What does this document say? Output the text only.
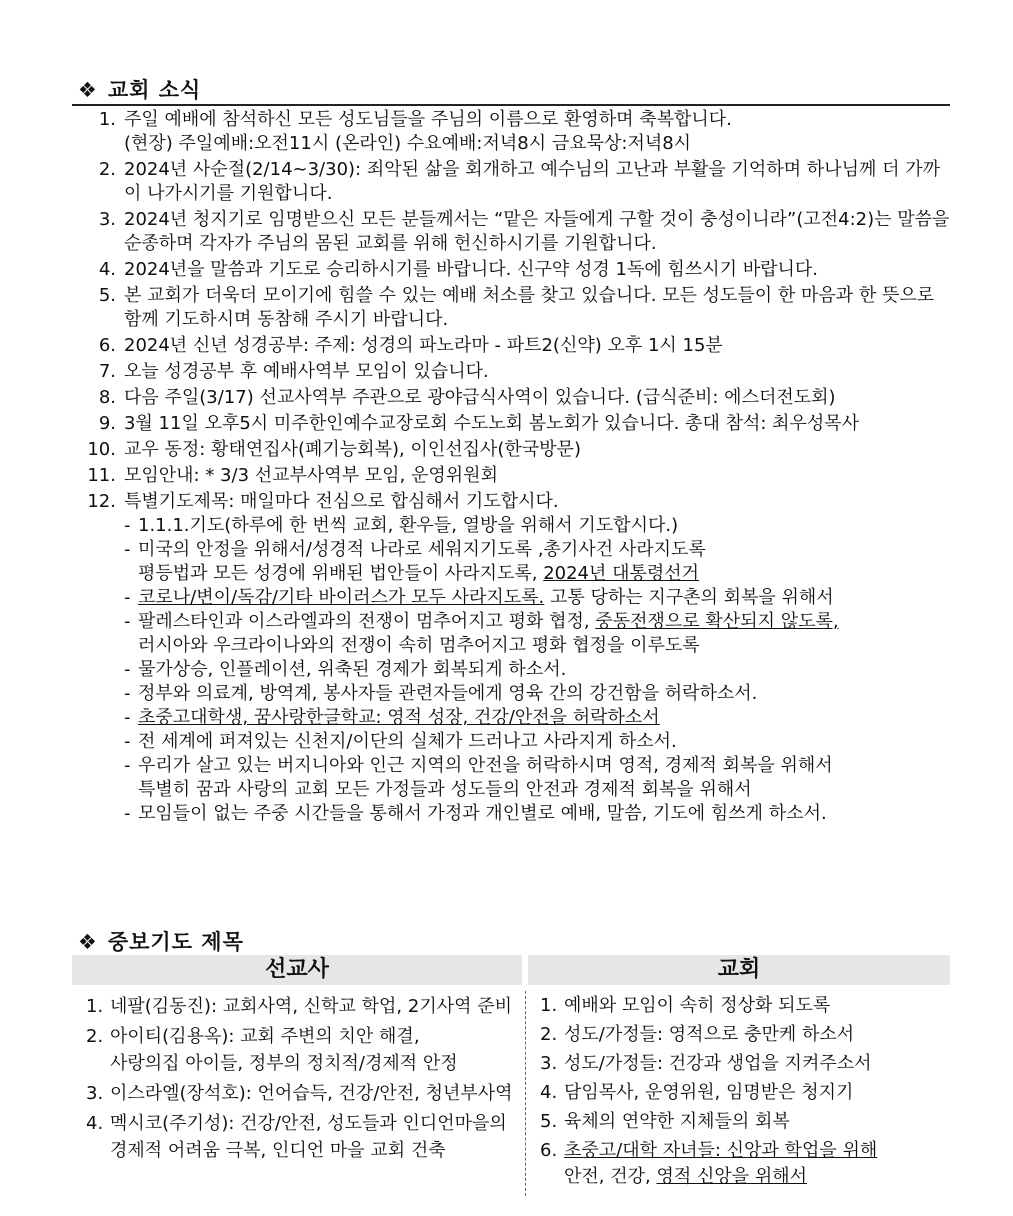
❖ 교회 소식
1. 주일 예배에 참석하신 모든 성도님들을 주님의 이름으로 환영하며 축복합니다.
(현장) 주일예배:오전11시 (온라인) 수요예배:저녁8시 금요묵상:저녁8시
2. 2024년 사순절(2/14~3/30): 죄악된 삶을 회개하고 예수님의 고난과 부활을 기억하며 하나님께 더 가까이 나가시기를 기원합니다.
3. 2024년 청지기로 임명받으신 모든 분들께서는 “맡은 자들에게 구할 것이 충성이니라”(고전4:2)는 말씀을 순종하며 각자가 주님의 몸된 교회를 위해 헌신하시기를 기원합니다.
4. 2024년을 말씀과 기도로 승리하시기를 바랍니다. 신구약 성경 1독에 힘쓰시기 바랍니다.
5. 본 교회가 더욱더 모이기에 힘쓸 수 있는 예배 처소를 찾고 있습니다. 모든 성도들이 한 마음과 한 뜻으로 함께 기도하시며 동참해 주시기 바랍니다.
6. 2024년 신년 성경공부: 주제: 성경의 파노라마 - 파트2(신약) 오후 1시 15분
7. 오늘 성경공부 후 예배사역부 모임이 있습니다.
8. 다음 주일(3/17) 선교사역부 주관으로 광야급식사역이 있습니다. (급식준비: 에스더전도회)
9. 3월 11일 오후5시 미주한인예수교장로회 수도노회 봄노회가 있습니다. 총대 참석: 최우성목사
10. 교우 동정: 황태연집사(폐기능회복), 이인선집사(한국방문)
11. 모임안내: * 3/3 선교부사역부 모임, 운영위원회
12. 특별기도제목: 매일마다 전심으로 합심해서 기도합시다.
- 1.1.1.기도(하루에 한 번씩 교회, 환우들, 열방을 위해서 기도합시다.)
- 미국의 안정을 위해서/성경적 나라로 세워지기도록 ,총기사건 사라지도록
평등법과 모든 성경에 위배된 법안들이 사라지도록, 2024년 대통령선거
- 코로나/변이/독감/기타 바이러스가 모두 사라지도록. 고통 당하는 지구촌의 회복을 위해서
- 팔레스타인과 이스라엘과의 전쟁이 멈추어지고 평화 협정, 중동전쟁으로 확산되지 않도록,
러시아와 우크라이나와의 전쟁이 속히 멈추어지고 평화 협정을 이루도록
- 물가상승, 인플레이션, 위축된 경제가 회복되게 하소서.
- 정부와 의료계, 방역계, 봉사자들 관련자들에게 영육 간의 강건함을 허락하소서.
- 초중고대학생, 꿈사랑한글학교: 영적 성장, 건강/안전을 허락하소서
- 전 세계에 퍼져있는 신천지/이단의 실체가 드러나고 사라지게 하소서.
- 우리가 살고 있는 버지니아와 인근 지역의 안전을 허락하시며 영적, 경제적 회복을 위해서
특별히 꿈과 사랑의 교회 모든 가정들과 성도들의 안전과 경제적 회복을 위해서
- 모임들이 없는 주중 시간들을 통해서 가정과 개인별로 예배, 말씀, 기도에 힘쓰게 하소서.
❖ 중보기도 제목
선교사	교회
1. 네팔(김동진): 교회사역, 신학교 학업, 2기사역 준비
2. 아이티(김용옥): 교회 주변의 치안 해결,
사랑의집 아이들, 정부의 정치적/경제적 안정
3. 이스라엘(장석호): 언어습득, 건강/안전, 청년부사역
4. 멕시코(주기성): 건강/안전, 성도들과 인디언마을의
경제적 어려움 극복, 인디언 마을 교회 건축
1. 예배와 모임이 속히 정상화 되도록
2. 성도/가정들: 영적으로 충만케 하소서
3. 성도/가정들: 건강과 생업을 지켜주소서
4. 담임목사, 운영위원, 임명받은 청지기
5. 육체의 연약한 지체들의 회복
6. 초중고/대학 자녀들: 신앙과 학업을 위해
안전, 건강, 영적 신앙을 위해서
